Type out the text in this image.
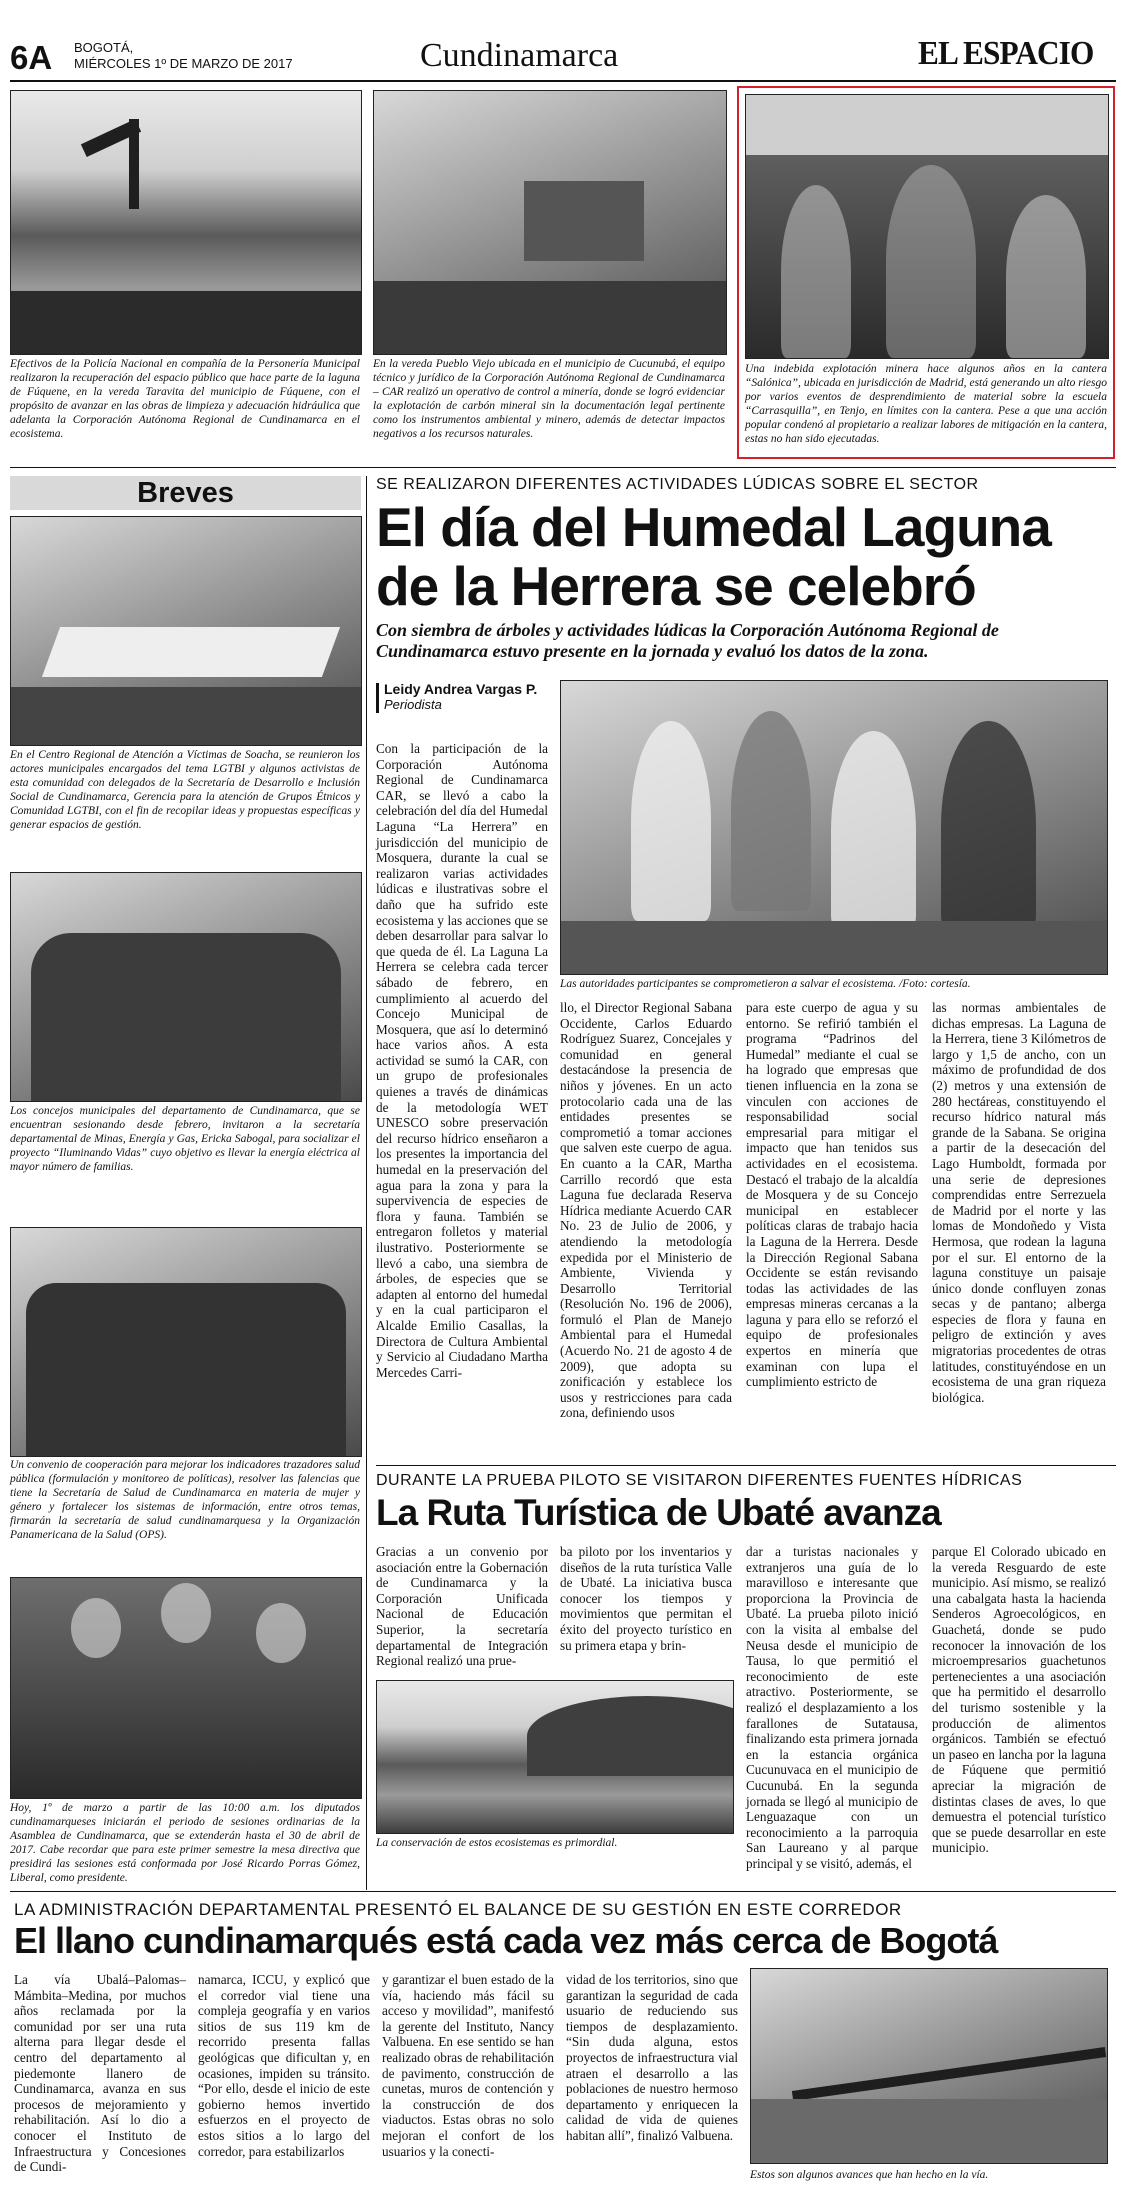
6A BOGOTÁ,
MIÉRCOLES 1º DE MARZO DE 2017	Cundinamarca	EL ESPACIO
Efectivos de la Policía Nacional en compañía de la Personería Municipal realizaron la recuperación del espacio público que hace parte de la laguna de Fúquene, en la vereda Taravita del municipio de Fúquene, con el propósito de avanzar en las obras de limpieza y adecuación hidráulica que adelanta la Corporación Autónoma Regional de Cundinamarca en el ecosistema.
En la vereda Pueblo Viejo ubicada en el municipio de Cucunubá, el equipo técnico y jurídico de la Corporación Autónoma Regional de Cundinamarca – CAR realizó un operativo de control a minería, donde se logró evidenciar la explotación de carbón mineral sin la documentación legal pertinente como los instrumentos ambiental y minero, además de detectar impactos negativos a los recursos naturales.
Una indebida explotación minera hace algunos años en la cantera “Salónica”, ubicada en jurisdicción de Madrid, está generando un alto riesgo por varios eventos de desprendimiento de material sobre la escuela “Carrasquilla”, en Tenjo, en límites con la cantera. Pese a que una acción popular condenó al propietario a realizar labores de mitigación en la cantera, estas no han sido ejecutadas.
Breves
En el Centro Regional de Atención a Víctimas de Soacha, se reunieron los actores municipales encargados del tema LGTBI y algunos activistas de esta comunidad con delegados de la Secretaría de Desarrollo e Inclusión Social de Cundinamarca, Gerencia para la atención de Grupos Étnicos y Comunidad LGTBI, con el fin de recopilar ideas y propuestas específicas y generar espacios de gestión.
Los concejos municipales del departamento de Cundinamarca, que se encuentran sesionando desde febrero, invitaron a la secretaría departamental de Minas, Energía y Gas, Ericka Sabogal, para socializar el proyecto “Iluminando Vidas” cuyo objetivo es llevar la energía eléctrica al mayor número de familias.
Un convenio de cooperación para mejorar los indicadores trazadores salud pública (formulación y monitoreo de políticas), resolver las falencias que tiene la Secretaría de Salud de Cundinamarca en materia de mujer y género y fortalecer los sistemas de información, entre otros temas, firmarán la secretaría de salud cundinamarquesa y la Organización Panamericana de la Salud (OPS).
Hoy, 1º de marzo a partir de las 10:00 a.m. los diputados cundinamarqueses iniciarán el periodo de sesiones ordinarias de la Asamblea de Cundinamarca, que se extenderán hasta el 30 de abril de 2017. Cabe recordar que para este primer semestre la mesa directiva que presidirá las sesiones está conformada por José Ricardo Porras Gómez, Liberal, como presidente.
SE REALIZARON DIFERENTES ACTIVIDADES LÚDICAS SOBRE EL SECTOR
El día del Humedal Laguna
de la Herrera se celebró
Con siembra de árboles y actividades lúdicas la Corporación Autónoma Regional de Cundinamarca estuvo presente en la jornada y evaluó los datos de la zona.
Leidy Andrea Vargas P.
Periodista
Las autoridades participantes se comprometieron a salvar el ecosistema. /Foto: cortesía.
Con la participación de la Corporación Autónoma Regional de Cundinamarca CAR, se llevó a cabo la celebración del día del Humedal Laguna “La Herrera” en jurisdicción del municipio de Mosquera, durante la cual se realizaron varias actividades lúdicas e ilustrativas sobre el daño que ha sufrido este ecosistema y las acciones que se deben desarrollar para salvar lo que queda de él. La Laguna La Herrera se celebra cada tercer sábado de febrero, en cumplimiento al acuerdo del Concejo Municipal de Mosquera, que así lo determinó hace varios años. A esta actividad se sumó la CAR, con un grupo de profesionales quienes a través de dinámicas de la metodología WET UNESCO sobre preservación del recurso hídrico enseñaron a los presentes la importancia del humedal en la preservación del agua para la zona y para la supervivencia de especies de flora y fauna. También se entregaron folletos y material ilustrativo. Posteriormente se llevó a cabo, una siembra de árboles, de especies que se adapten al entorno del humedal y en la cual participaron el Alcalde Emilio Casallas, la Directora de Cultura Ambiental y Servicio al Ciudadano Martha Mercedes Carri-
llo, el Director Regional Sabana Occidente, Carlos Eduardo Rodríguez Suarez, Concejales y comunidad en general destacándose la presencia de niños y jóvenes. En un acto protocolario cada una de las entidades presentes se comprometió a tomar acciones que salven este cuerpo de agua. En cuanto a la CAR, Martha Carrillo recordó que esta Laguna fue declarada Reserva Hídrica mediante Acuerdo CAR No. 23 de Julio de 2006, y atendiendo la metodología expedida por el Ministerio de Ambiente, Vivienda y Desarrollo Territorial (Resolución No. 196 de 2006), formuló el Plan de Manejo Ambiental para el Humedal (Acuerdo No. 21 de agosto 4 de 2009), que adopta su zonificación y establece los usos y restricciones para cada zona, definiendo usos
para este cuerpo de agua y su entorno. Se refirió también el programa “Padrinos del Humedal” mediante el cual se ha logrado que empresas que tienen influencia en la zona se vinculen con acciones de responsabilidad social empresarial para mitigar el impacto que han tenidos sus actividades en el ecosistema. Destacó el trabajo de la alcaldía de Mosquera y de su Concejo municipal en establecer políticas claras de trabajo hacia la Laguna de la Herrera. Desde la Dirección Regional Sabana Occidente se están revisando todas las actividades de las empresas mineras cercanas a la laguna y para ello se reforzó el equipo de profesionales expertos en minería que examinan con lupa el cumplimiento estricto de
las normas ambientales de dichas empresas. La Laguna de la Herrera, tiene 3 Kilómetros de largo y 1,5 de ancho, con un máximo de profundidad de dos (2) metros y una extensión de 280 hectáreas, constituyendo el recurso hídrico natural más grande de la Sabana. Se origina a partir de la desecación del Lago Humboldt, formada por una serie de depresiones comprendidas entre Serrezuela de Madrid por el norte y las lomas de Mondoñedo y Vista Hermosa, que rodean la laguna por el sur. El entorno de la laguna constituye un paisaje único donde confluyen zonas secas y de pantano; alberga especies de flora y fauna en peligro de extinción y aves migratorias procedentes de otras latitudes, constituyéndose en un ecosistema de una gran riqueza biológica.
DURANTE LA PRUEBA PILOTO SE VISITARON DIFERENTES FUENTES HÍDRICAS
La Ruta Turística de Ubaté avanza
Gracias a un convenio por asociación entre la Gobernación de Cundinamarca y la Corporación Unificada Nacional de Educación Superior, la secretaría departamental de Integración Regional realizó una prue-
ba piloto por los inventarios y diseños de la ruta turística Valle de Ubaté. La iniciativa busca conocer los tiempos y movimientos que permitan el éxito del proyecto turístico en su primera etapa y brin-
La conservación de estos ecosistemas es primordial.
dar a turistas nacionales y extranjeros una guía de lo maravilloso e interesante que proporciona la Provincia de Ubaté. La prueba piloto inició con la visita al embalse del Neusa desde el municipio de Tausa, lo que permitió el reconocimiento de este atractivo. Posteriormente, se realizó el desplazamiento a los farallones de Sutatausa, finalizando esta primera jornada en la estancia orgánica Cucunuvaca en el municipio de Cucunubá. En la segunda jornada se llegó al municipio de Lenguazaque con un reconocimiento a la parroquia San Laureano y al parque principal y se visitó, además, el
parque El Colorado ubicado en la vereda Resguardo de este municipio. Así mismo, se realizó una cabalgata hasta la hacienda Senderos Agroecológicos, en Guachetá, donde se pudo reconocer la innovación de los microempresarios guachetunos pertenecientes a una asociación que ha permitido el desarrollo del turismo sostenible y la producción de alimentos orgánicos. También se efectuó un paseo en lancha por la laguna de Fúquene que permitió apreciar la migración de distintas clases de aves, lo que demuestra el potencial turístico que se puede desarrollar en este municipio.
LA ADMINISTRACIÓN DEPARTAMENTAL PRESENTÓ EL BALANCE DE SU GESTIÓN EN ESTE CORREDOR
El llano cundinamarqués está cada vez más cerca de Bogotá
La vía Ubalá–Palomas–Mámbita–Medina, por muchos años reclamada por la comunidad por ser una ruta alterna para llegar desde el centro del departamento al piedemonte llanero de Cundinamarca, avanza en sus procesos de mejoramiento y rehabilitación. Así lo dio a conocer el Instituto de Infraestructura y Concesiones de Cundi-
namarca, ICCU, y explicó que el corredor vial tiene una compleja geografía y en varios sitios de sus 119 km de recorrido presenta fallas geológicas que dificultan y, en ocasiones, impiden su tránsito. “Por ello, desde el inicio de este gobierno hemos invertido esfuerzos en el proyecto de estos sitios a lo largo del corredor, para estabilizarlos
y garantizar el buen estado de la vía, haciendo más fácil su acceso y movilidad”, manifestó la gerente del Instituto, Nancy Valbuena. En ese sentido se han realizado obras de rehabilitación de pavimento, construcción de cunetas, muros de contención y la construcción de dos viaductos. Estas obras no solo mejoran el confort de los usuarios y la conecti-
vidad de los territorios, sino que garantizan la seguridad de cada usuario de reduciendo sus tiempos de desplazamiento. “Sin duda alguna, estos proyectos de infraestructura vial atraen el desarrollo a las poblaciones de nuestro hermoso departamento y enriquecen la calidad de vida de quienes habitan allí”, finalizó Valbuena.
Estos son algunos avances que han hecho en la vía.
